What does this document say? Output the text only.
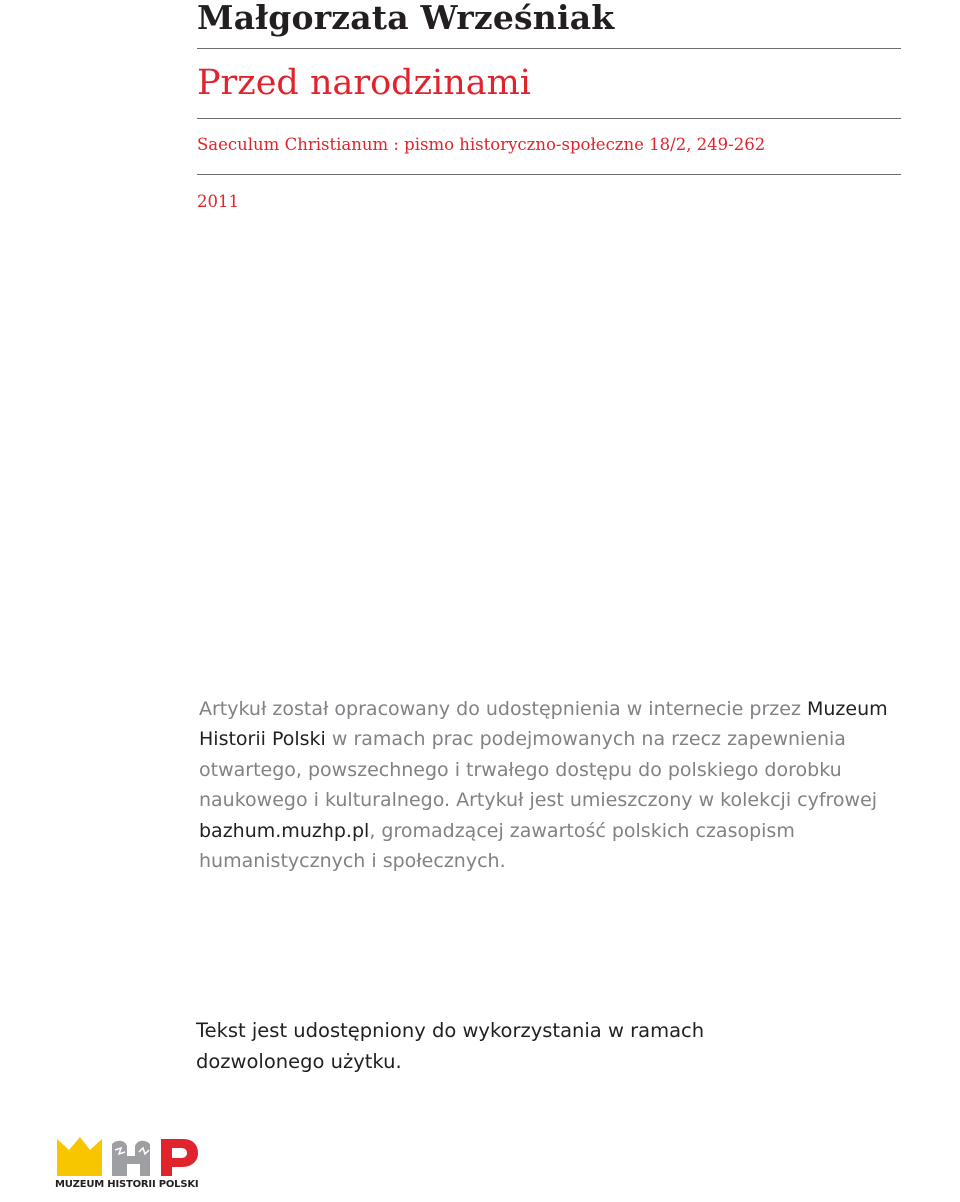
Małgorzata Wrześniak
Przed narodzinami
Saeculum Christianum : pismo historyczno-społeczne 18/2, 249-262
2011
Artykuł został opracowany do udostępnienia w internecie przez Muzeum Historii Polski w ramach prac podejmowanych na rzecz zapewnienia otwartego, powszechnego i trwałego dostępu do polskiego dorobku naukowego i kulturalnego. Artykuł jest umieszczony w kolekcji cyfrowej bazhum.muzhp.pl, gromadzącej zawartość polskich czasopism humanistycznych i społecznych.
Tekst jest udostępniony do wykorzystania w ramach dozwolonego użytku.
MUZEUM HISTORII POLSKI
